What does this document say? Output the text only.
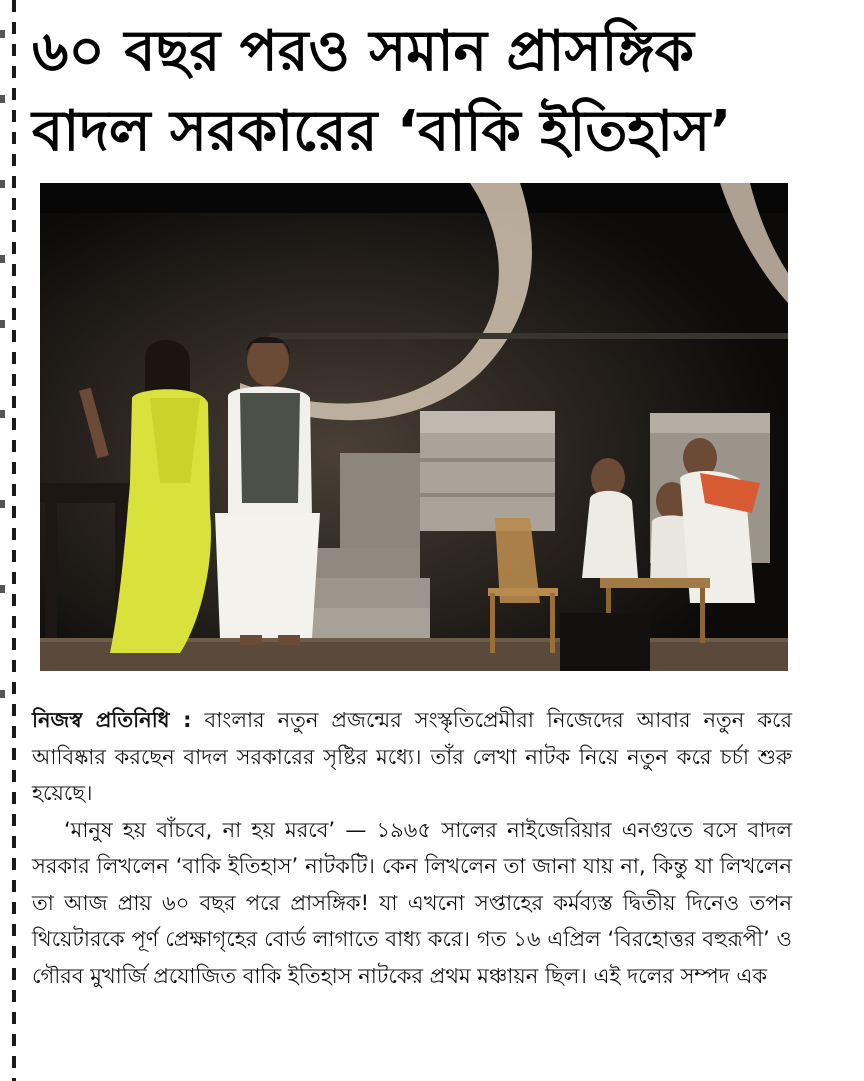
৬০ বছর পরও সমান প্রাসঙ্গিক
বাদল সরকারের ‘বাকি ইতিহাস’

নিজস্ব প্রতিনিধি : বাংলার নতুন প্রজন্মের সংস্কৃতিপ্রেমীরা নিজেদের আবার নতুন করে আবিষ্কার করছেন বাদল সরকারের সৃষ্টির মধ্যে। তাঁর লেখা নাটক নিয়ে নতুন করে চর্চা শুরু হয়েছে।

‘মানুষ হয় বাঁচবে, না হয় মরবে’ — ১৯৬৫ সালের নাইজেরিয়ার এনগুতে বসে বাদল সরকার লিখলেন ‘বাকি ইতিহাস’ নাটকটি। কেন লিখলেন তা জানা যায় না, কিন্তু যা লিখলেন তা আজ প্রায় ৬০ বছর পরে প্রাসঙ্গিক! যা এখনো সপ্তাহের কর্মব্যস্ত দ্বিতীয় দিনেও তপন থিয়েটারকে পূর্ণ প্রেক্ষাগৃহের বোর্ড লাগাতে বাধ্য করে। গত ১৬ এপ্রিল ‘বিরহোত্তর বহুরূপী’ ও গৌরব মুখার্জি প্রযোজিত বাকি ইতিহাস নাটকের প্রথম মঞ্চায়ন ছিল। এই দলের সম্পদ এক
